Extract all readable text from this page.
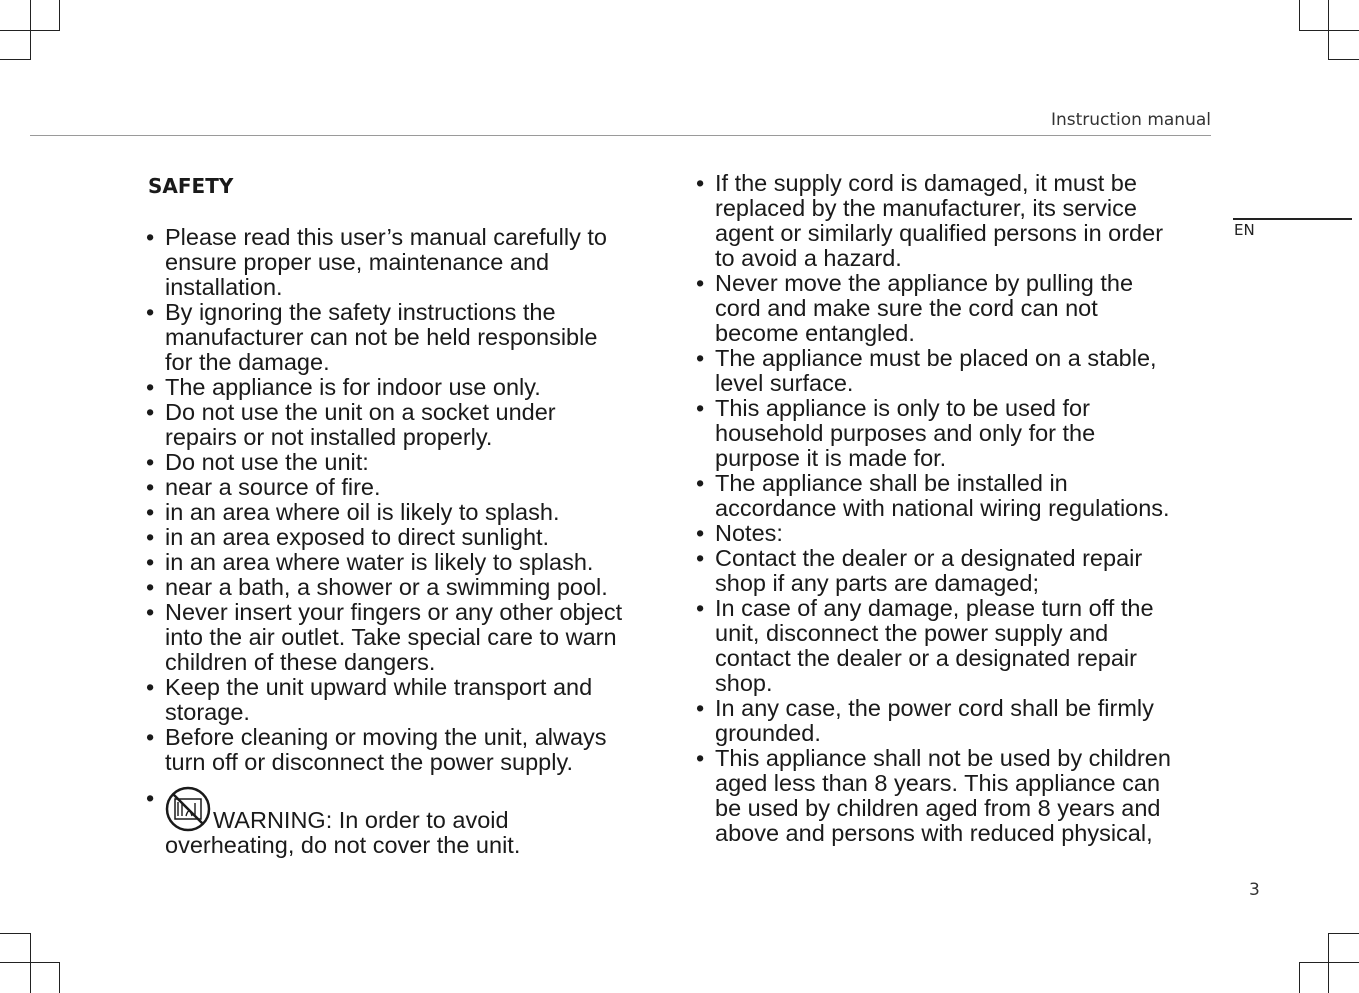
Instruction manual
EN
SAFETY
• Please read this user’s manual carefully to
ensure proper use, maintenance and
installation.
• By ignoring the safety instructions the
manufacturer can not be held responsible
for the damage.
• The appliance is for indoor use only.
• Do not use the unit on a socket under
repairs or not installed properly.
• Do not use the unit:
• near a source of fire.
• in an area where oil is likely to splash.
• in an area exposed to direct sunlight.
• in an area where water is likely to splash.
• near a bath, a shower or a swimming pool.
• Never insert your fingers or any other object
into the air outlet. Take special care to warn
children of these dangers.
• Keep the unit upward while transport and
storage.
• Before cleaning or moving the unit, always
turn off or disconnect the power supply.
• WARNING: In order to avoid
overheating, do not cover the unit.
• If the supply cord is damaged, it must be
replaced by the manufacturer, its service
agent or similarly qualified persons in order
to avoid a hazard.
• Never move the appliance by pulling the
cord and make sure the cord can not
become entangled.
• The appliance must be placed on a stable,
level surface.
• This appliance is only to be used for
household purposes and only for the
purpose it is made for.
• The appliance shall be installed in
accordance with national wiring regulations.
• Notes:
• Contact the dealer or a designated repair
shop if any parts are damaged;
• In case of any damage, please turn off the
unit, disconnect the power supply and
contact the dealer or a designated repair
shop.
• In any case, the power cord shall be firmly
grounded.
• This appliance shall not be used by children
aged less than 8 years. This appliance can
be used by children aged from 8 years and
above and persons with reduced physical,
3
